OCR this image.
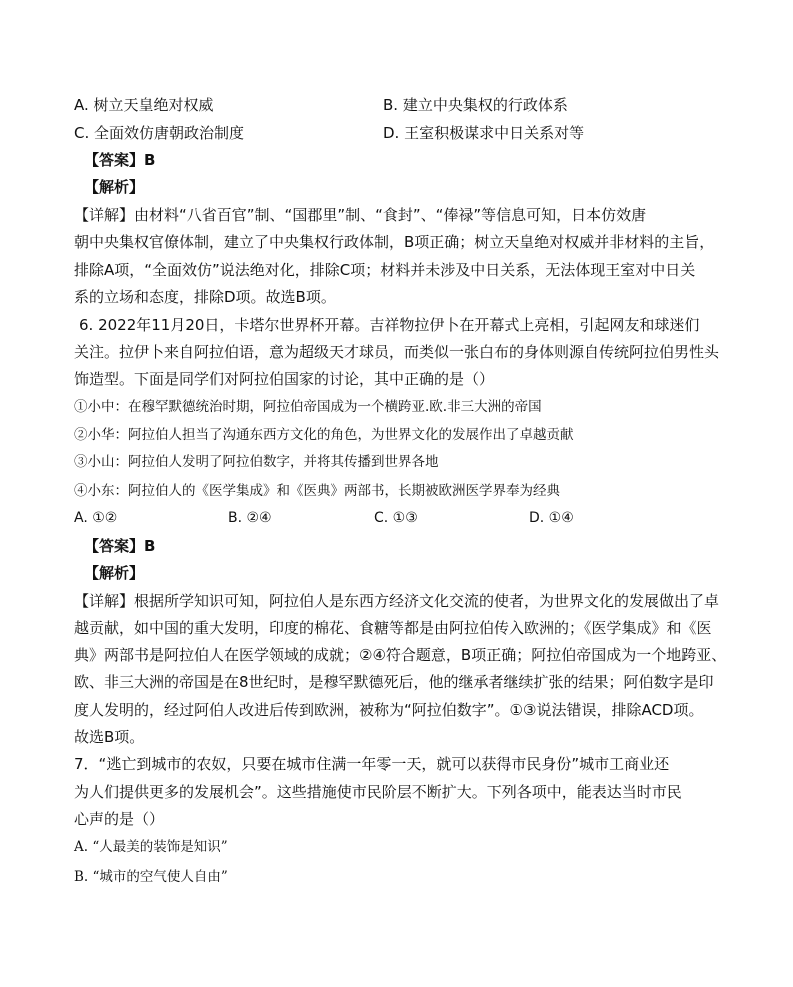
A. 树立天皇绝对权威	B. 建立中央集权的行政体系
C. 全面效仿唐朝政治制度	D. 王室积极谋求中日关系对等
【答案】B
【解析】
【详解】由材料“八省百官”制、“国郡里”制、“食封”、“俸禄”等信息可知，日本仿效唐
朝中央集权官僚体制，建立了中央集权行政体制，B项正确；树立天皇绝对权威并非材料的主旨，
排除A项，“全面效仿”说法绝对化，排除C项；材料并未涉及中日关系，无法体现王室对中日关
系的立场和态度，排除D项。故选B项。
6. 2022年11月20日，卡塔尔世界杯开幕。吉祥物拉伊卜在开幕式上亮相，引起网友和球迷们
关注。拉伊卜来自阿拉伯语，意为超级天才球员，而类似一张白布的身体则源自传统阿拉伯男性头
饰造型。下面是同学们对阿拉伯国家的讨论，其中正确的是（）
①小中：在穆罕默德统治时期，阿拉伯帝国成为一个横跨亚.欧.非三大洲的帝国
②小华：阿拉伯人担当了沟通东西方文化的角色，为世界文化的发展作出了卓越贡献
③小山：阿拉伯人发明了阿拉伯数字，并将其传播到世界各地
④小东：阿拉伯人的《医学集成》和《医典》两部书，长期被欧洲医学界奉为经典
A. ①②	B. ②④	C. ①③	D. ①④
【答案】B
【解析】
【详解】根据所学知识可知，阿拉伯人是东西方经济文化交流的使者，为世界文化的发展做出了卓
越贡献，如中国的重大发明，印度的棉花、食糖等都是由阿拉伯传入欧洲的；《医学集成》和《医
典》两部书是阿拉伯人在医学领域的成就；②④符合题意，B项正确；阿拉伯帝国成为一个地跨亚、
欧、非三大洲的帝国是在8世纪时，是穆罕默德死后，他的继承者继续扩张的结果；阿伯数字是印
度人发明的，经过阿伯人改进后传到欧洲，被称为“阿拉伯数字”。①③说法错误，排除ACD项。
故选B项。
7．“逃亡到城市的农奴，只要在城市住满一年零一天，就可以获得市民身份”城市工商业还
为人们提供更多的发展机会”。这些措施使市民阶层不断扩大。下列各项中，能表达当时市民
心声的是（）
A. “人最美的装饰是知识”
B. “城市的空气使人自由”
